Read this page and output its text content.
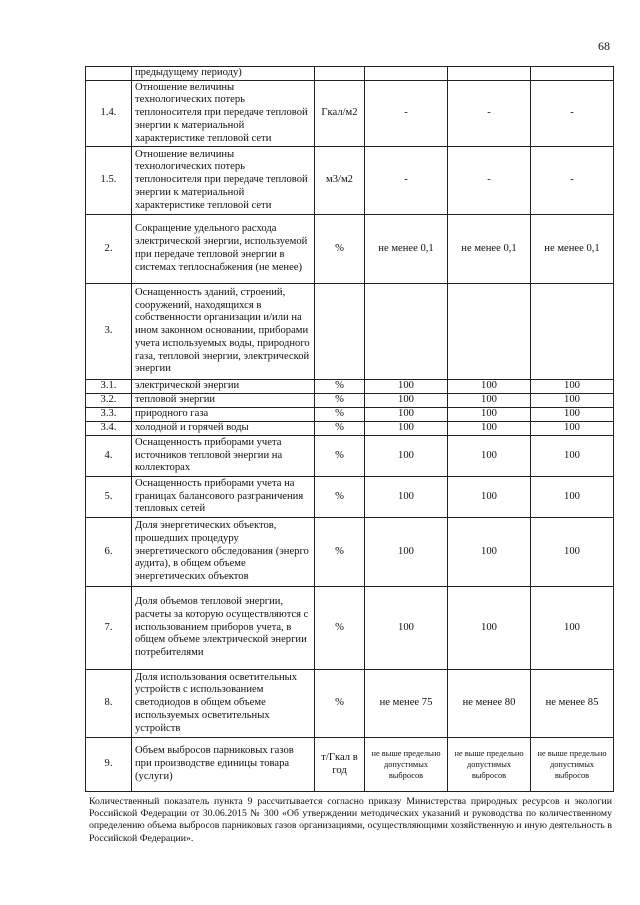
68
	предыдущему периоду)				
1.4.	Отношение величины технологических потерь теплоносителя при передаче тепловой энергии к материальной характеристике тепловой сети	Гкал/м2	-	-	-
1.5.	Отношение величины технологических потерь теплоносителя при передаче тепловой энергии к материальной характеристике тепловой сети	м3/м2	-	-	-
2.	Сокращение удельного расхода электрической энергии, используемой при передаче тепловой энергии в системах теплоснабжения (не менее)	%	не менее 0,1	не менее 0,1	не менее 0,1
3.	Оснащенность зданий, строений, сооружений, находящихся в собственности организации и/или на ином законном основании, приборами учета используемых воды, природного газа, тепловой энергии, электрической энергии				
3.1.	электрической энергии	%	100	100	100
3.2.	тепловой энергии	%	100	100	100
3.3.	природного газа	%	100	100	100
3.4.	холодной и горячей воды	%	100	100	100
4.	Оснащенность приборами учета источников тепловой энергии на коллекторах	%	100	100	100
5.	Оснащенность приборами учета на границах балансового разграничения тепловых сетей	%	100	100	100
6.	Доля энергетических объектов, прошедших процедуру энергетического обследования (энерго аудита), в общем объеме энергетических объектов	%	100	100	100
7.	Доля объемов тепловой энергии, расчеты за которую осуществляются с использованием приборов учета, в общем объеме электрической энергии потребителями	%	100	100	100
8.	Доля использования осветительных устройств с использованием светодиодов в общем объеме используемых осветительных устройств	%	не менее 75	не менее 80	не менее 85
9.	Объем выбросов парниковых газов при производстве единицы товара (услуги)	т/Гкал в год	не выше предельно допустимых выбросов	не выше предельно допустимых выбросов	не выше предельно допустимых выбросов
Количественный показатель пункта 9 рассчитывается согласно приказу Министерства природных ресурсов и экологии Российской Федерации от 30.06.2015 № 300 «Об утверждении методических указаний и руководства по количественному определению объема выбросов парниковых газов организациями, осуществляющими хозяйственную и иную деятельность в Российской Федерации».
